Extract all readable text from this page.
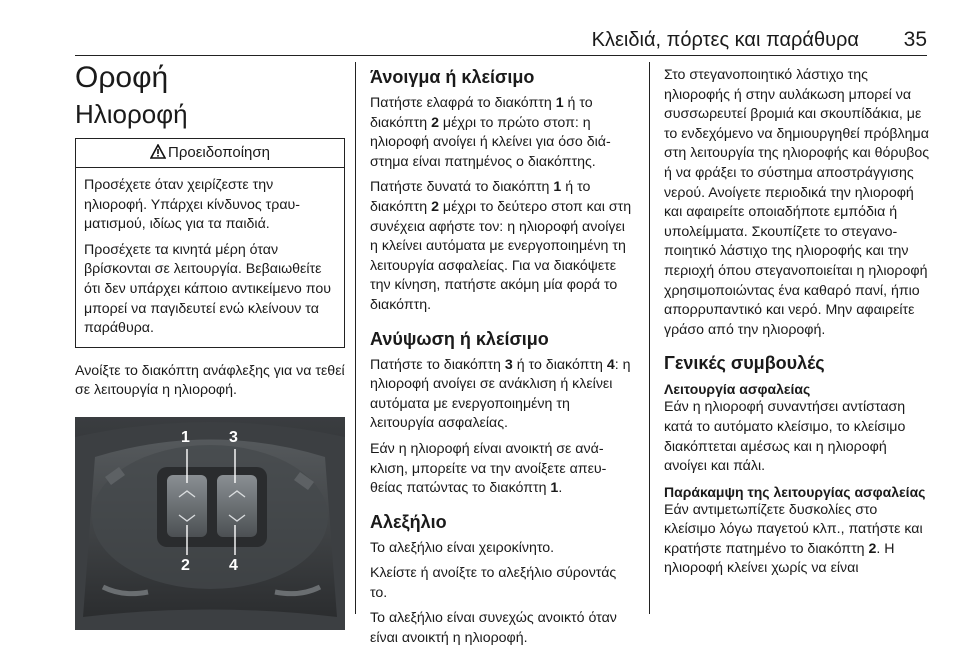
Κλειδιά, πόρτες και παράθυρα 35
Οροφή
Ηλιοροφή
Προειδοποίηση

Προσέχετε όταν χειρίζεστε την ηλιοροφή. Υπάρχει κίνδυνος τραυματισμού, ιδίως για τα παιδιά.

Προσέχετε τα κινητά μέρη όταν βρίσκονται σε λειτουργία. Βεβαιωθείτε ότι δεν υπάρχει κάποιο αντικείμενο που μπορεί να παγιδευτεί ενώ κλείνουν τα παράθυρα.

Ανοίξτε το διακόπτη ανάφλεξης για να τεθεί σε λειτουργία η ηλιοροφή.

1 3
2 4
Άνοιγμα ή κλείσιμο

Πατήστε ελαφρά το διακόπτη 1 ή το διακόπτη 2 μέχρι το πρώτο στοπ: η ηλιοροφή ανοίγει ή κλείνει για όσο διάστημα είναι πατημένος ο διακόπτης.

Πατήστε δυνατά το διακόπτη 1 ή το διακόπτη 2 μέχρι το δεύτερο στοπ και στη συνέχεια αφήστε τον: η ηλιοροφή ανοίγει η κλείνει αυτόματα με ενεργοποιημένη τη λειτουργία ασφαλείας. Για να διακόψετε την κίνηση, πατήστε ακόμη μία φορά το διακόπτη.

Ανύψωση ή κλείσιμο

Πατήστε το διακόπτη 3 ή το διακόπτη 4: η ηλιοροφή ανοίγει σε ανάκλιση ή κλείνει αυτόματα με ενεργοποιημένη τη λειτουργία ασφαλείας.

Εάν η ηλιοροφή είναι ανοικτή σε ανάκλιση, μπορείτε να την ανοίξετε απευθείας πατώντας το διακόπτη 1.

Αλεξήλιο

Το αλεξήλιο είναι χειροκίνητο.

Κλείστε ή ανοίξτε το αλεξήλιο σύροντάς το.

Το αλεξήλιο είναι συνεχώς ανοικτό όταν είναι ανοικτή η ηλιοροφή.

Στο στεγανοποιητικό λάστιχο της ηλιοροφής ή στην αυλάκωση μπορεί να συσσωρευτεί βρομιά και σκουπίδάκια, με το ενδεχόμενο να δημιουργηθεί πρόβλημα στη λειτουργία της ηλιοροφής και θόρυβος ή να φράξει το σύστημα αποστράγγισης νερού. Ανοίγετε περιοδικά την ηλιοροφή και αφαιρείτε οποιαδήποτε εμπόδια ή υπολείμματα. Σκουπίζετε το στεγανοποιητικό λάστιχο της ηλιοροφής και την περιοχή όπου στεγανοποιείται η ηλιοροφή χρησιμοποιώντας ένα καθαρό πανί, ήπιο απορρυπαντικό και νερό. Μην αφαιρείτε γράσο από την ηλιοροφή.

Γενικές συμβουλές
Λειτουργία ασφαλείας

Εάν η ηλιοροφή συναντήσει αντίσταση κατά το αυτόματο κλείσιμο, το κλείσιμο διακόπτεται αμέσως και η ηλιοροφή ανοίγει και πάλι.

Παράκαμψη της λειτουργίας ασφαλείας

Εάν αντιμετωπίζετε δυσκολίες στο κλείσιμο λόγω παγετού κλπ., πατήστε και κρατήστε πατημένο το διακόπτη 2. Η ηλιοροφή κλείνει χωρίς να είναι
